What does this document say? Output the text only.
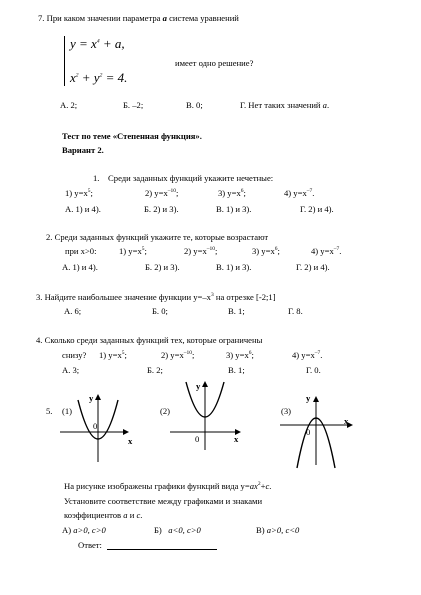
7. При каком значении параметра a система уравнений
$y = x^4 + a$,
имеет одно решение?
$x^2 + y^2 = 4$.
А. 2;	Б. –2;	В. 0;	Г. Нет таких значений a.
Тест по теме «Степенная функция».
Вариант 2.
1. Среди заданных функций укажите нечетные:
1) $y=x^5$;	2) $y=x^{-10}$;	3) $y=x^6$;	4) $y=x^{-7}$.
А. 1) и 4).	Б. 2) и 3).	В. 1) и 3).	Г. 2) и 4).
2. Среди заданных функций укажите те, которые возрастают
при x>0:	1) $y=x^5$;	2) $y=x^{-10}$;	3) $y=x^6$;	4) $y=x^{-7}$.
А. 1) и 4).	Б. 2) и 3).	В. 1) и 3).	Г. 2) и 4).
3. Найдите наибольшее значение функции $y=-x^3$ на отрезке [-2;1]
А. 6;	Б. 0;	В. 1;	Г. 8.
4. Сколько среди заданных функций тех, которые ограничены
снизу? 1) $y=x^5$;	2) $y=x^{-10}$;	3) $y=x^6$;	4) $y=x^{-7}$.
А. 3;	Б. 2;	В. 1;	Г. 0.
5. (1)	(2)	(3)
y
0
x
y
0	x
y
0
x
На рисунке изображены графики функций вида $y=ax^2+c$.
Установите соответствие между графиками и знаками
коэффициентов a и c.
А) a>0, c>0	Б) a<0, c>0	В) a>0, c<0
Ответ:
